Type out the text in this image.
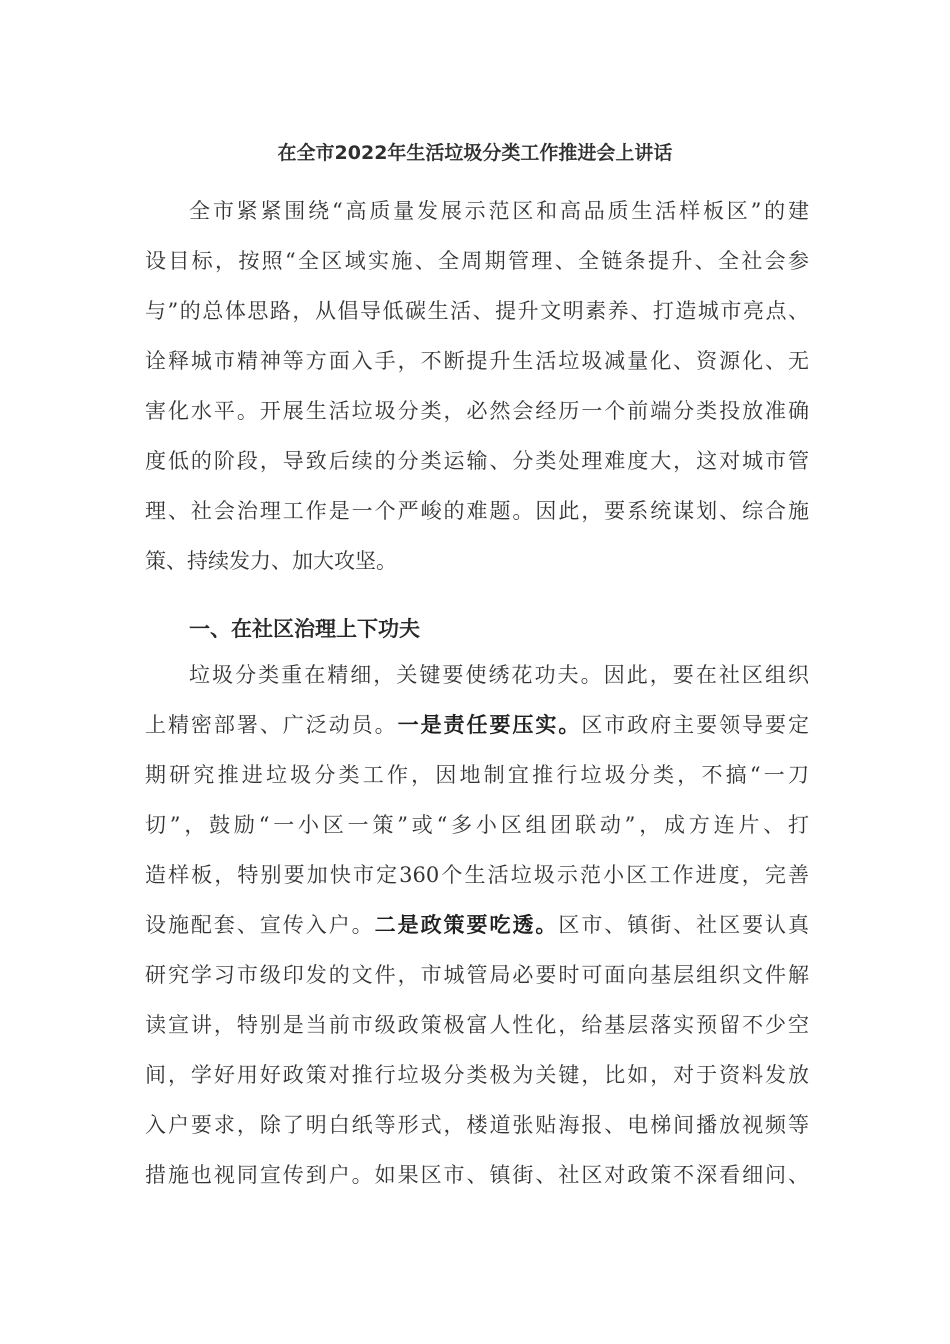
在全市2022年生活垃圾分类工作推进会上讲话
全市紧紧围绕“高质量发展示范区和高品质生活样板区”的建
设目标，按照“全区域实施、全周期管理、全链条提升、全社会参
与”的总体思路，从倡导低碳生活、提升文明素养、打造城市亮点、
诠释城市精神等方面入手，不断提升生活垃圾减量化、资源化、无
害化水平。开展生活垃圾分类，必然会经历一个前端分类投放准确
度低的阶段，导致后续的分类运输、分类处理难度大，这对城市管
理、社会治理工作是一个严峻的难题。因此，要系统谋划、综合施
策、持续发力、加大攻坚。
一、在社区治理上下功夫
垃圾分类重在精细，关键要使绣花功夫。因此，要在社区组织
上精密部署、广泛动员。一是责任要压实。区市政府主要领导要定
期研究推进垃圾分类工作，因地制宜推行垃圾分类，不搞“一刀
切”，鼓励“一小区一策”或“多小区组团联动”，成方连片、打
造样板，特别要加快市定360个生活垃圾示范小区工作进度，完善
设施配套、宣传入户。二是政策要吃透。区市、镇街、社区要认真
研究学习市级印发的文件，市城管局必要时可面向基层组织文件解
读宣讲，特别是当前市级政策极富人性化，给基层落实预留不少空
间，学好用好政策对推行垃圾分类极为关键，比如，对于资料发放
入户要求，除了明白纸等形式，楼道张贴海报、电梯间播放视频等
措施也视同宣传到户。如果区市、镇街、社区对政策不深看细问、
